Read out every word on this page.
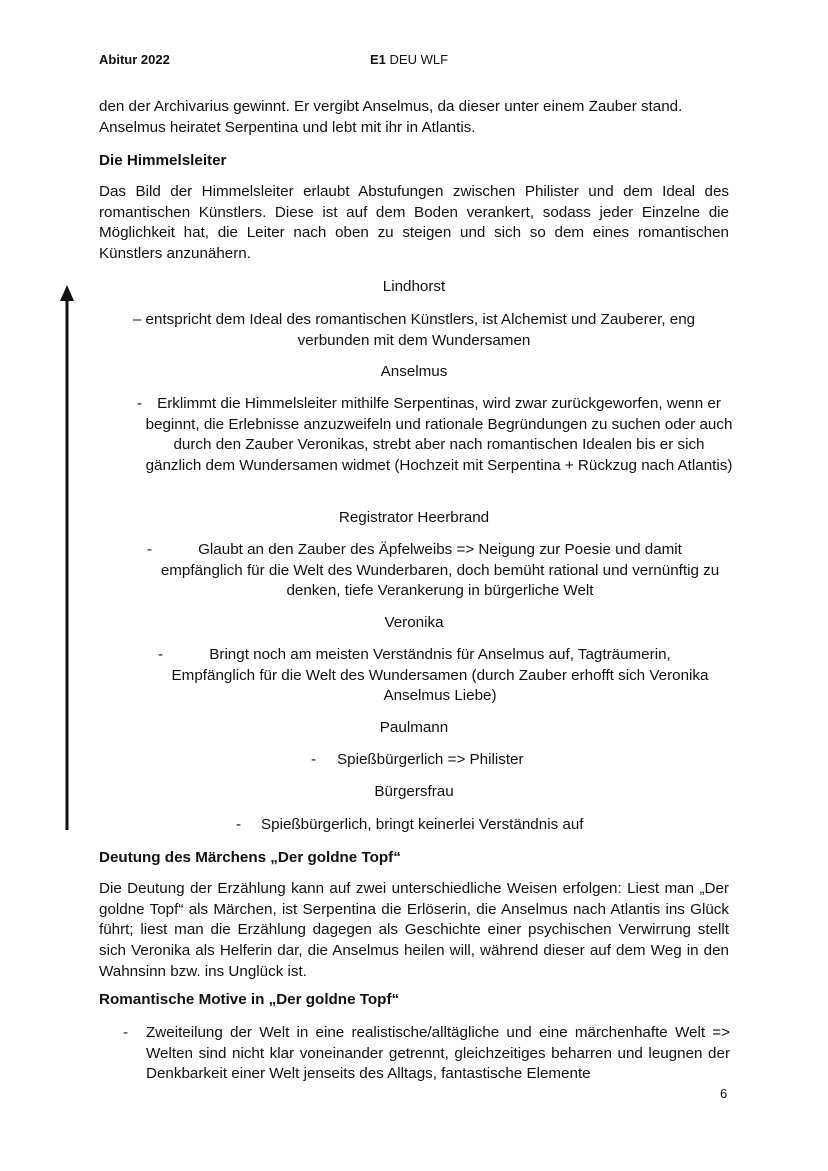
Abitur 2022	E1 DEU WLF

den der Archivarius gewinnt. Er vergibt Anselmus, da dieser unter einem Zauber stand. Anselmus heiratet Serpentina und lebt mit ihr in Atlantis.

Die Himmelsleiter

Das Bild der Himmelsleiter erlaubt Abstufungen zwischen Philister und dem Ideal des romantischen Künstlers. Diese ist auf dem Boden verankert, sodass jeder Einzelne die Möglichkeit hat, die Leiter nach oben zu steigen und sich so dem eines romantischen Künstlers anzunähern.

Lindhorst
– entspricht dem Ideal des romantischen Künstlers, ist Alchemist und Zauberer, eng verbunden mit dem Wundersamen
Anselmus
- Erklimmt die Himmelsleiter mithilfe Serpentinas, wird zwar zurückgeworfen, wenn er beginnt, die Erlebnisse anzuzweifeln und rationale Begründungen zu suchen oder auch durch den Zauber Veronikas, strebt aber nach romantischen Idealen bis er sich gänzlich dem Wundersamen widmet (Hochzeit mit Serpentina + Rückzug nach Atlantis)
Registrator Heerbrand
-	Glaubt an den Zauber des Äpfelweibs => Neigung zur Poesie und damit empfänglich für die Welt des Wunderbaren, doch bemüht rational und vernünftig zu denken, tiefe Verankerung in bürgerliche Welt
Veronika
-	Bringt noch am meisten Verständnis für Anselmus auf, Tagträumerin, Empfänglich für die Welt des Wundersamen (durch Zauber erhofft sich Veronika Anselmus Liebe)
Paulmann
- Spießbürgerlich => Philister
Bürgersfrau
- Spießbürgerlich, bringt keinerlei Verständnis auf
Deutung des Märchens „Der goldne Topf“

Die Deutung der Erzählung kann auf zwei unterschiedliche Weisen erfolgen: Liest man „Der goldne Topf“ als Märchen, ist Serpentina die Erlöserin, die Anselmus nach Atlantis ins Glück führt; liest man die Erzählung dagegen als Geschichte einer psychischen Verwirrung stellt sich Veronika als Helferin dar, die Anselmus heilen will, während dieser auf dem Weg in den Wahnsinn bzw. ins Unglück ist.

Romantische Motive in „Der goldne Topf“
- Zweiteilung der Welt in eine realistische/alltägliche und eine märchenhafte Welt => Welten sind nicht klar voneinander getrennt, gleichzeitiges beharren und leugnen der Denkbarkeit einer Welt jenseits des Alltags, fantastische Elemente

6
